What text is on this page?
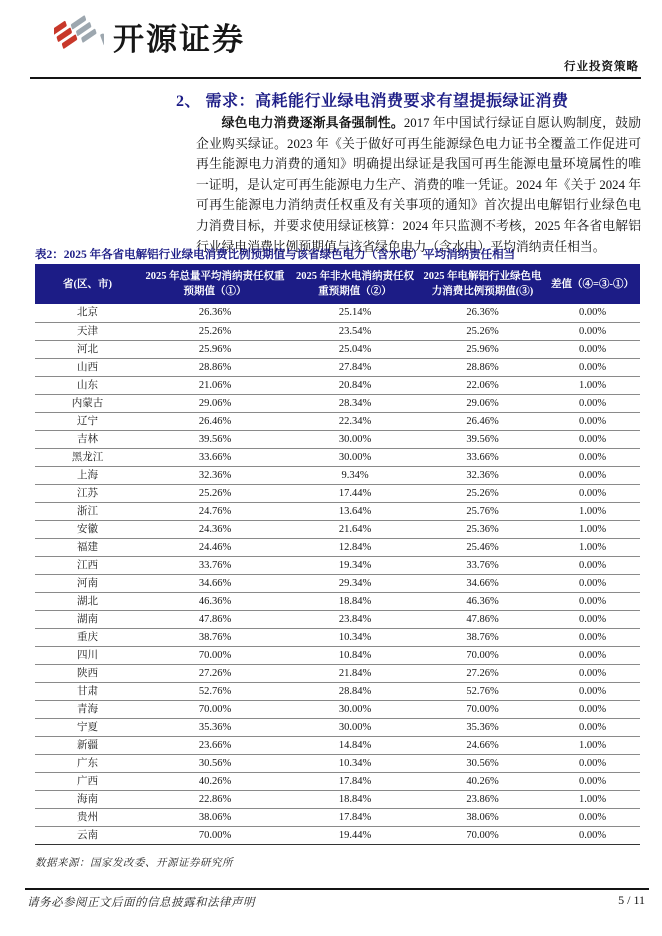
开源证券
行业投资策略
2、 需求：高耗能行业绿电消费要求有望提振绿证消费

绿色电力消费逐渐具备强制性。2017 年中国试行绿证自愿认购制度，鼓励企业购买绿证。2023 年《关于做好可再生能源绿色电力证书全覆盖工作促进可再生能源电力消费的通知》明确提出绿证是我国可再生能源电量环境属性的唯一证明，是认定可再生能源电力生产、消费的唯一凭证。2024 年《关于 2024 年可再生能源电力消纳责任权重及有关事项的通知》首次提出电解铝行业绿色电力消费目标，并要求使用绿证核算：2024 年只监测不考核，2025 年各省电解铝行业绿电消费比例预期值与该省绿色电力（含水电）平均消纳责任相当。

表2：2025 年各省电解铝行业绿电消费比例预期值与该省绿色电力（含水电）平均消纳责任相当
省(区、市)	2025 年总量平均消纳责任权重预期值（①）	2025 年非水电消纳责任权重预期值（②）	2025 年电解铝行业绿色电力消费比例预期值(③)	差值（④=③-①）
北京	26.36%	25.14%	26.36%	0.00%
天津	25.26%	23.54%	25.26%	0.00%
河北	25.96%	25.04%	25.96%	0.00%
山西	28.86%	27.84%	28.86%	0.00%
山东	21.06%	20.84%	22.06%	1.00%
内蒙古	29.06%	28.34%	29.06%	0.00%
辽宁	26.46%	22.34%	26.46%	0.00%
吉林	39.56%	30.00%	39.56%	0.00%
黑龙江	33.66%	30.00%	33.66%	0.00%
上海	32.36%	9.34%	32.36%	0.00%
江苏	25.26%	17.44%	25.26%	0.00%
浙江	24.76%	13.64%	25.76%	1.00%
安徽	24.36%	21.64%	25.36%	1.00%
福建	24.46%	12.84%	25.46%	1.00%
江西	33.76%	19.34%	33.76%	0.00%
河南	34.66%	29.34%	34.66%	0.00%
湖北	46.36%	18.84%	46.36%	0.00%
湖南	47.86%	23.84%	47.86%	0.00%
重庆	38.76%	10.34%	38.76%	0.00%
四川	70.00%	10.84%	70.00%	0.00%
陕西	27.26%	21.84%	27.26%	0.00%
甘肃	52.76%	28.84%	52.76%	0.00%
青海	70.00%	30.00%	70.00%	0.00%
宁夏	35.36%	30.00%	35.36%	0.00%
新疆	23.66%	14.84%	24.66%	1.00%
广东	30.56%	10.34%	30.56%	0.00%
广西	40.26%	17.84%	40.26%	0.00%
海南	22.86%	18.84%	23.86%	1.00%
贵州	38.06%	17.84%	38.06%	0.00%
云南	70.00%	19.44%	70.00%	0.00%
数据来源：国家发改委、开源证券研究所
请务必参阅正文后面的信息披露和法律声明	5 / 11
